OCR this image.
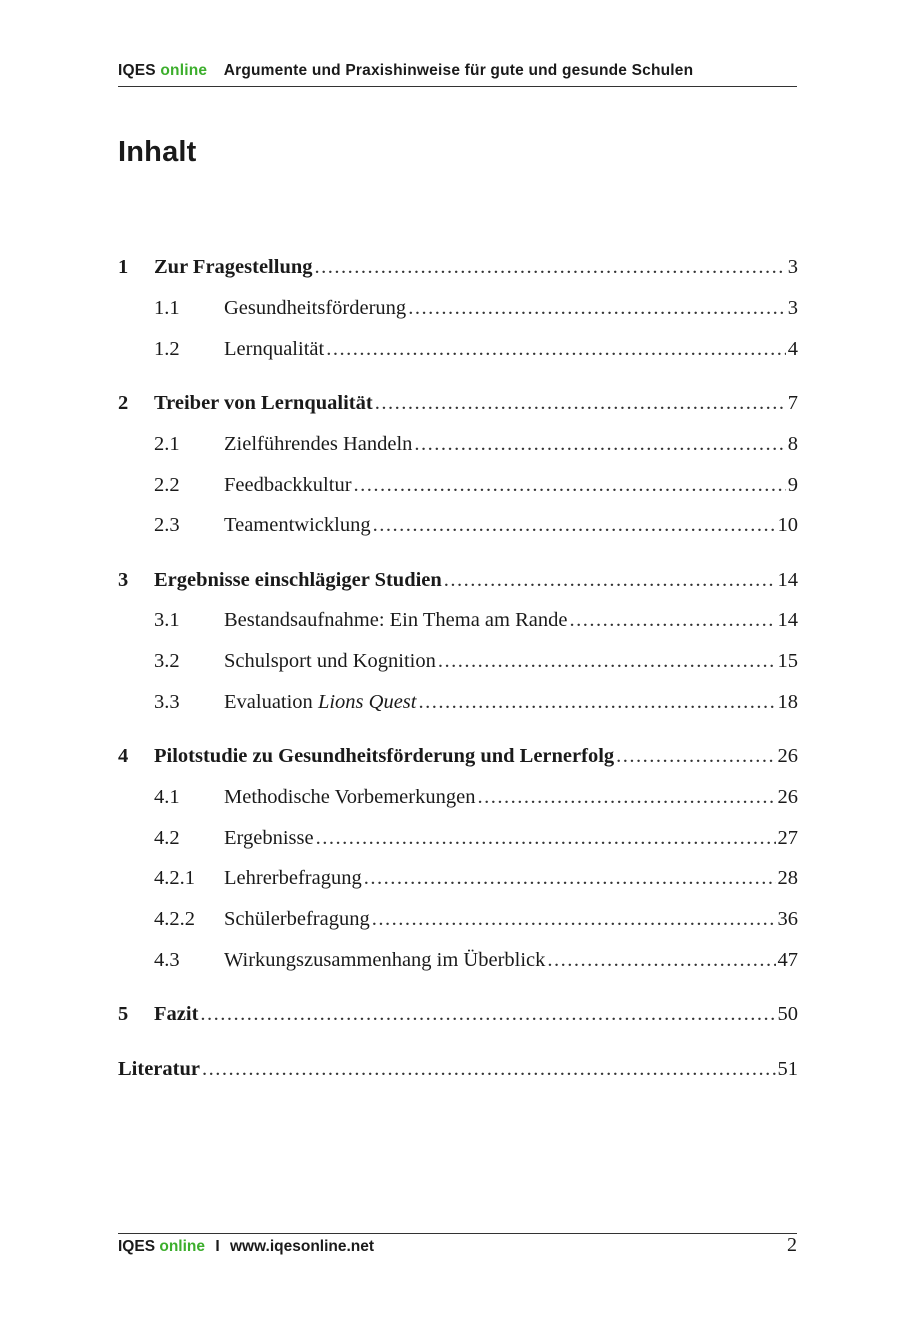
IQES online Argumente und Praxishinweise für gute und gesunde Schulen
Inhalt
1	Zur Fragestellung .....	3
1.1	Gesundheitsförderung .....	3
1.2	Lernqualität .....	4
2	Treiber von Lernqualität .....	7
2.1	Zielführendes Handeln .....	8
2.2	Feedbackkultur .....	9
2.3	Teamentwicklung .....	10
3	Ergebnisse einschlägiger Studien .....	14
3.1	Bestandsaufnahme: Ein Thema am Rande .....	14
3.2	Schulsport und Kognition .....	15
3.3	Evaluation Lions Quest .....	18
4	Pilotstudie zu Gesundheitsförderung und Lernerfolg .....	26
4.1	Methodische Vorbemerkungen .....	26
4.2	Ergebnisse .....	27
4.2.1	Lehrerbefragung .....	28
4.2.2	Schülerbefragung .....	36
4.3	Wirkungszusammenhang im Überblick .....	47
5	Fazit .....	50
Literatur .....	51
IQES online I www.iqesonline.net	2
